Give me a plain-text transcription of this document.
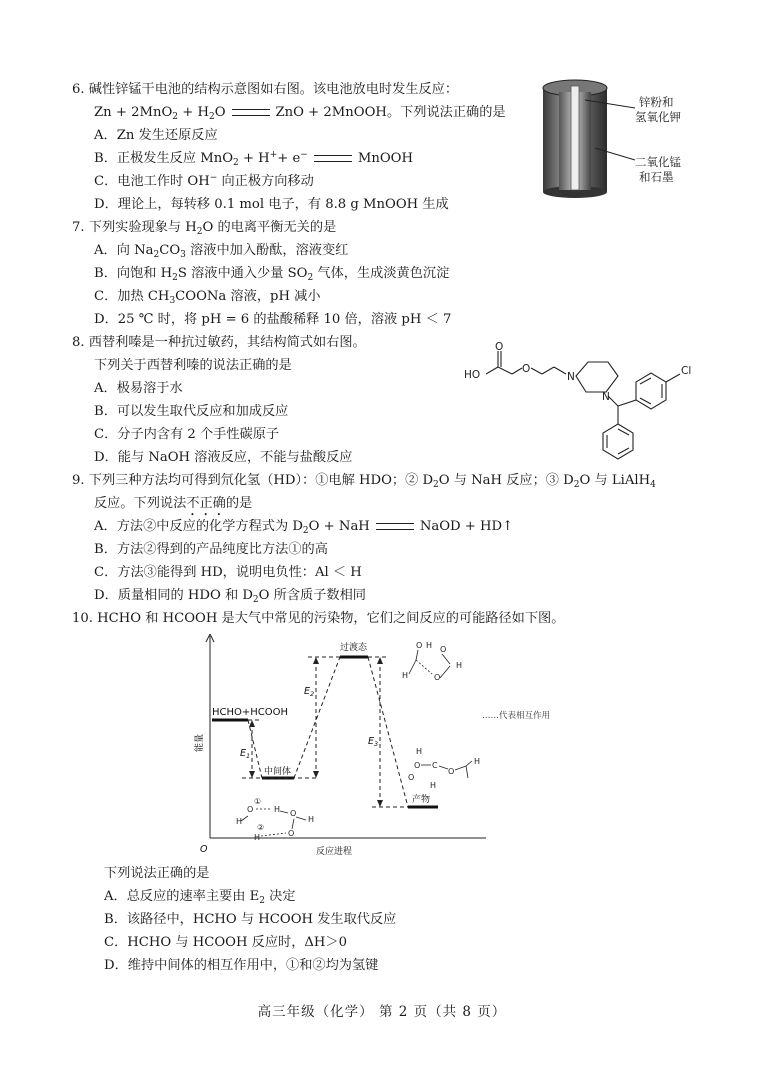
6. 碱性锌锰干电池的结构示意图如右图。该电池放电时发生反应：
$Zn + 2MnO_2 + H_2O$	ZnO + 2MnOOH。下列说法正确的是
A．Zn 发生还原反应
B．正极发生反应 MnO$_2$ + H++ e−	MnOOH
C．电池工作时 OH− 向正极方向移动
D．理论上，每转移 0.1 mol 电子，有 8.8 g MnOOH 生成
锌粉和
氢氧化钾
二氧化锰
和石墨
7. 下列实验现象与 $H_2O$ 的电离平衡无关的是
A．向 $Na_2CO_3$ 溶液中加入酚酞，溶液变红
B．向饱和 $H_2S$ 溶液中通入少量 $SO_2$ 气体，生成淡黄色沉淀
C．加热 $CH_3COONa$ 溶液，pH 减小
D．25 ℃ 时，将 pH = 6 的盐酸稀释 10 倍，溶液 pH ＜ 7
8. 西替利嗪是一种抗过敏药，其结构简式如右图。
下列关于西替利嗪的说法正确的是
A．极易溶于水
B．可以发生取代反应和加成反应
C．分子内含有 2 个手性碳原子
D．能与 NaOH 溶液反应，不能与盐酸反应
HO
O
O
N
N
Cl
9. 下列三种方法均可得到氘化氢（HD）：①电解 HDO；② $D_2O$ 与 NaH 反应；③ $D_2O$ 与 LiAlH$_4$
反应。下列说法不正确的是
A．方法②中反应的化学方程式为 $D_2O$ + NaH	NaOD + HD↑
B．方法②得到的产品纯度比方法①的高
C．方法③能得到 HD，说明电负性：Al ＜ H
D．质量相同的 HDO 和 $D_2O$ 所含质子数相同
10. HCHO 和 HCOOH 是大气中常见的污染物，它们之间反应的可能路径如下图。
HCHO+HCOOH
中间体
过渡态
产物
$E_1$
$E_2$
$E_3$
能量
反应进程
O
……代表相互作用
①
②
H
O	H O
H
O
H
O H O
H	O
H
H
O C
O
H
H
O
下列说法正确的是
A．总反应的速率主要由 $E_2$ 决定
B．该路径中，HCHO 与 HCOOH 发生取代反应
C．HCHO 与 HCOOH 反应时，ΔH＞0
D．维持中间体的相互作用中，①和②均为氢键
高三年级（化学） 第 2 页（共 8 页）
